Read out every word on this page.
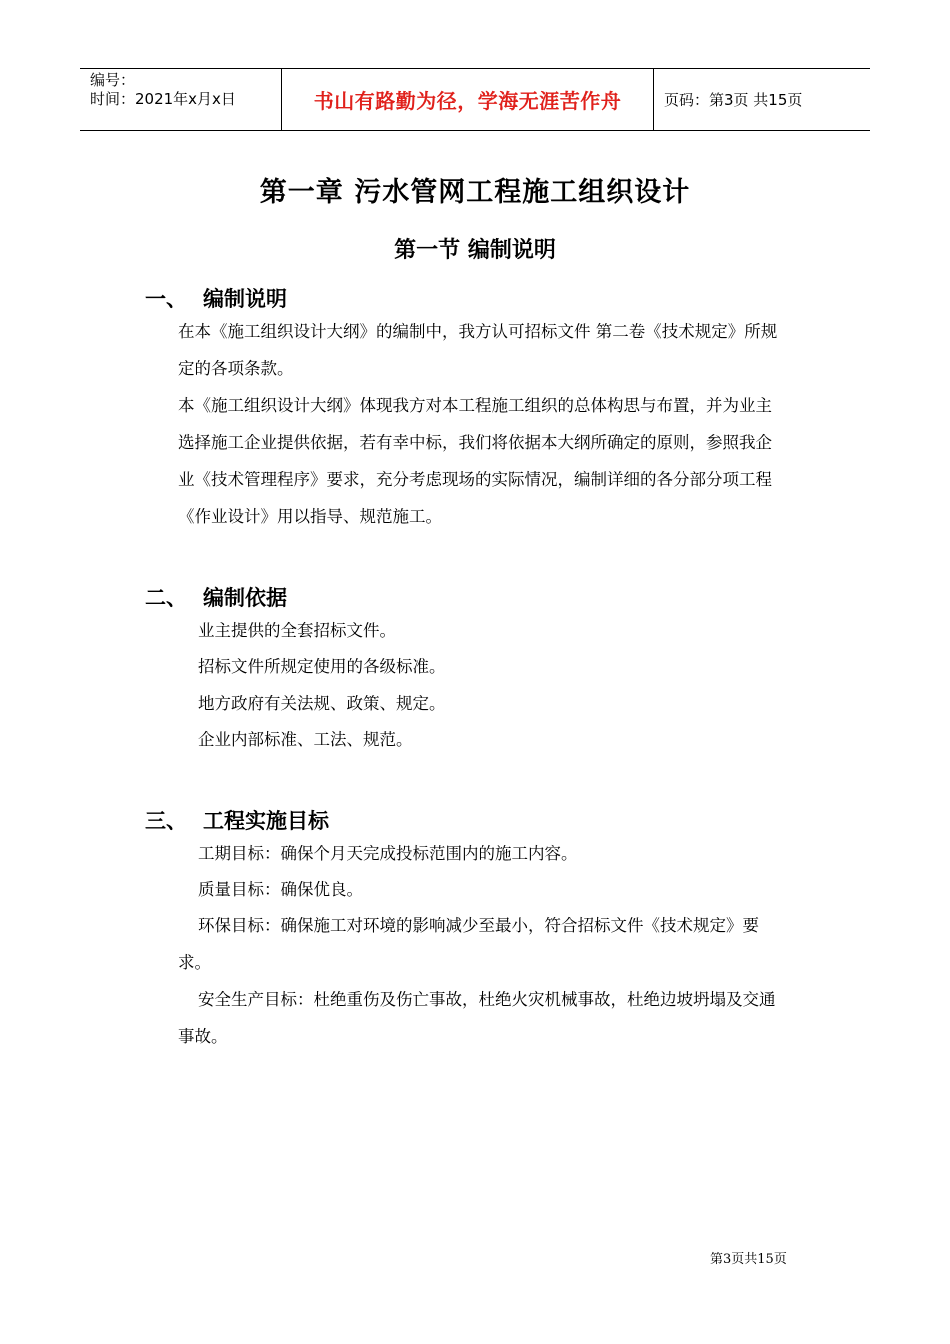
编号：
时间：2021年x月x日	书山有路勤为径，学海无涯苦作舟	页码：第3页 共15页
第一章 污水管网工程施工组织设计
第一节 编制说明
一、 编制说明
在本《施工组织设计大纲》的编制中，我方认可招标文件 第二卷《技术规定》所规定的各项条款。
本《施工组织设计大纲》体现我方对本工程施工组织的总体构思与布置，并为业主选择施工企业提供依据，若有幸中标，我们将依据本大纲所确定的原则，参照我企业《技术管理程序》要求，充分考虑现场的实际情况，编制详细的各分部分项工程《作业设计》用以指导、规范施工。
二、 编制依据
业主提供的全套招标文件。
招标文件所规定使用的各级标准。
地方政府有关法规、政策、规定。
企业内部标准、工法、规范。
三、 工程实施目标
工期目标：确保个月天完成投标范围内的施工内容。
质量目标：确保优良。
环保目标：确保施工对环境的影响减少至最小，符合招标文件《技术规定》要求。
安全生产目标：杜绝重伤及伤亡事故，杜绝火灾机械事故，杜绝边坡坍塌及交通事故。
第3页共15页
